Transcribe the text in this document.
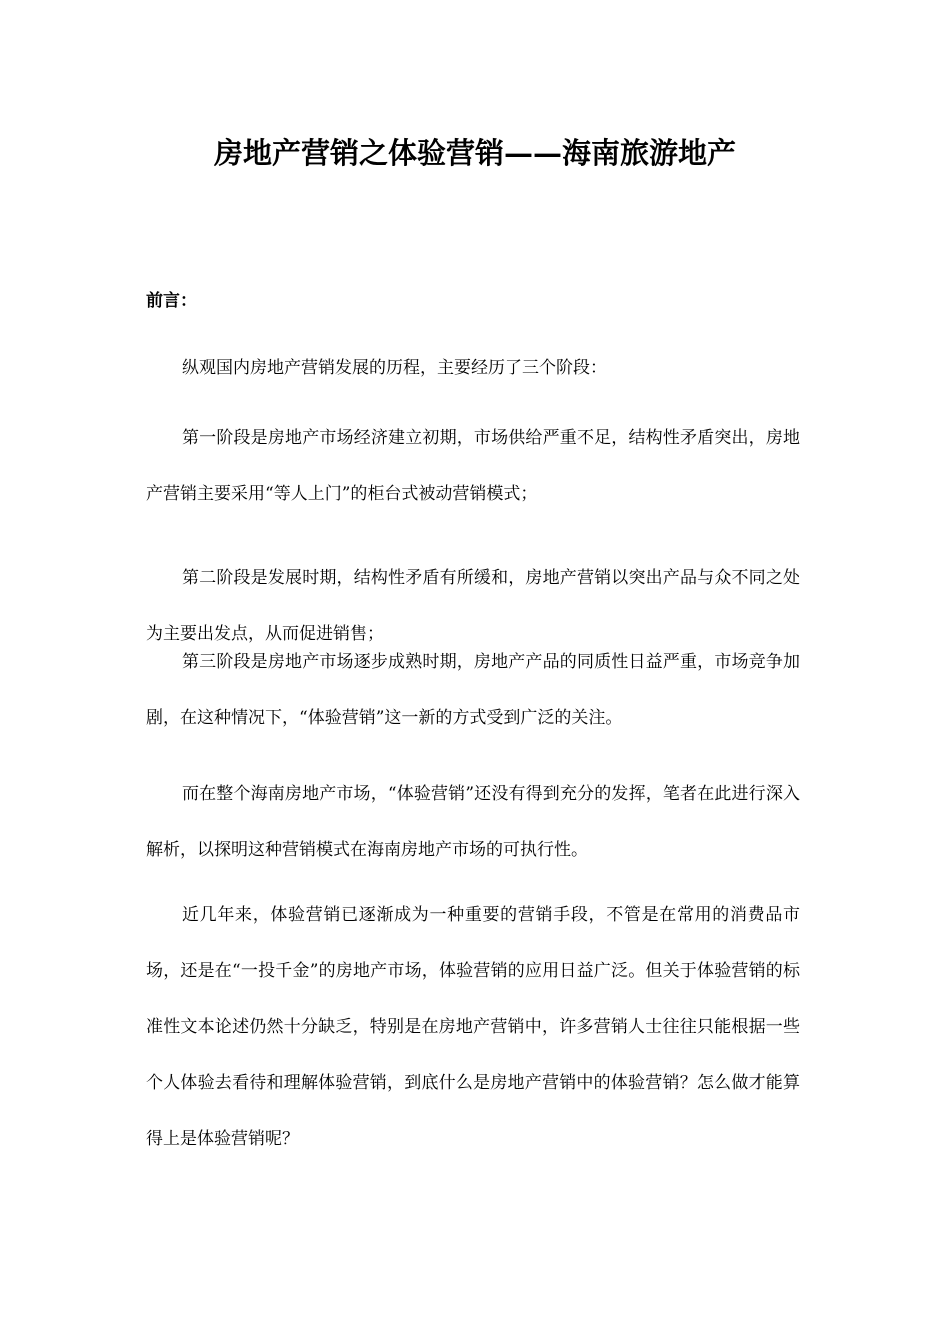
房地产营销之体验营销——海南旅游地产
前言：

纵观国内房地产营销发展的历程，主要经历了三个阶段：

第一阶段是房地产市场经济建立初期，市场供给严重不足，结构性矛盾突出，房地产营销主要采用“等人上门”的柜台式被动营销模式；

第二阶段是发展时期，结构性矛盾有所缓和，房地产营销以突出产品与众不同之处为主要出发点，从而促进销售；

第三阶段是房地产市场逐步成熟时期，房地产产品的同质性日益严重，市场竞争加剧，在这种情况下，“体验营销”这一新的方式受到广泛的关注。

而在整个海南房地产市场，“体验营销”还没有得到充分的发挥，笔者在此进行深入解析，以探明这种营销模式在海南房地产市场的可执行性。

近几年来，体验营销已逐渐成为一种重要的营销手段，不管是在常用的消费品市场，还是在“一投千金”的房地产市场，体验营销的应用日益广泛。但关于体验营销的标准性文本论述仍然十分缺乏，特别是在房地产营销中，许多营销人士往往只能根据一些个人体验去看待和理解体验营销，到底什么是房地产营销中的体验营销？怎么做才能算得上是体验营销呢？
